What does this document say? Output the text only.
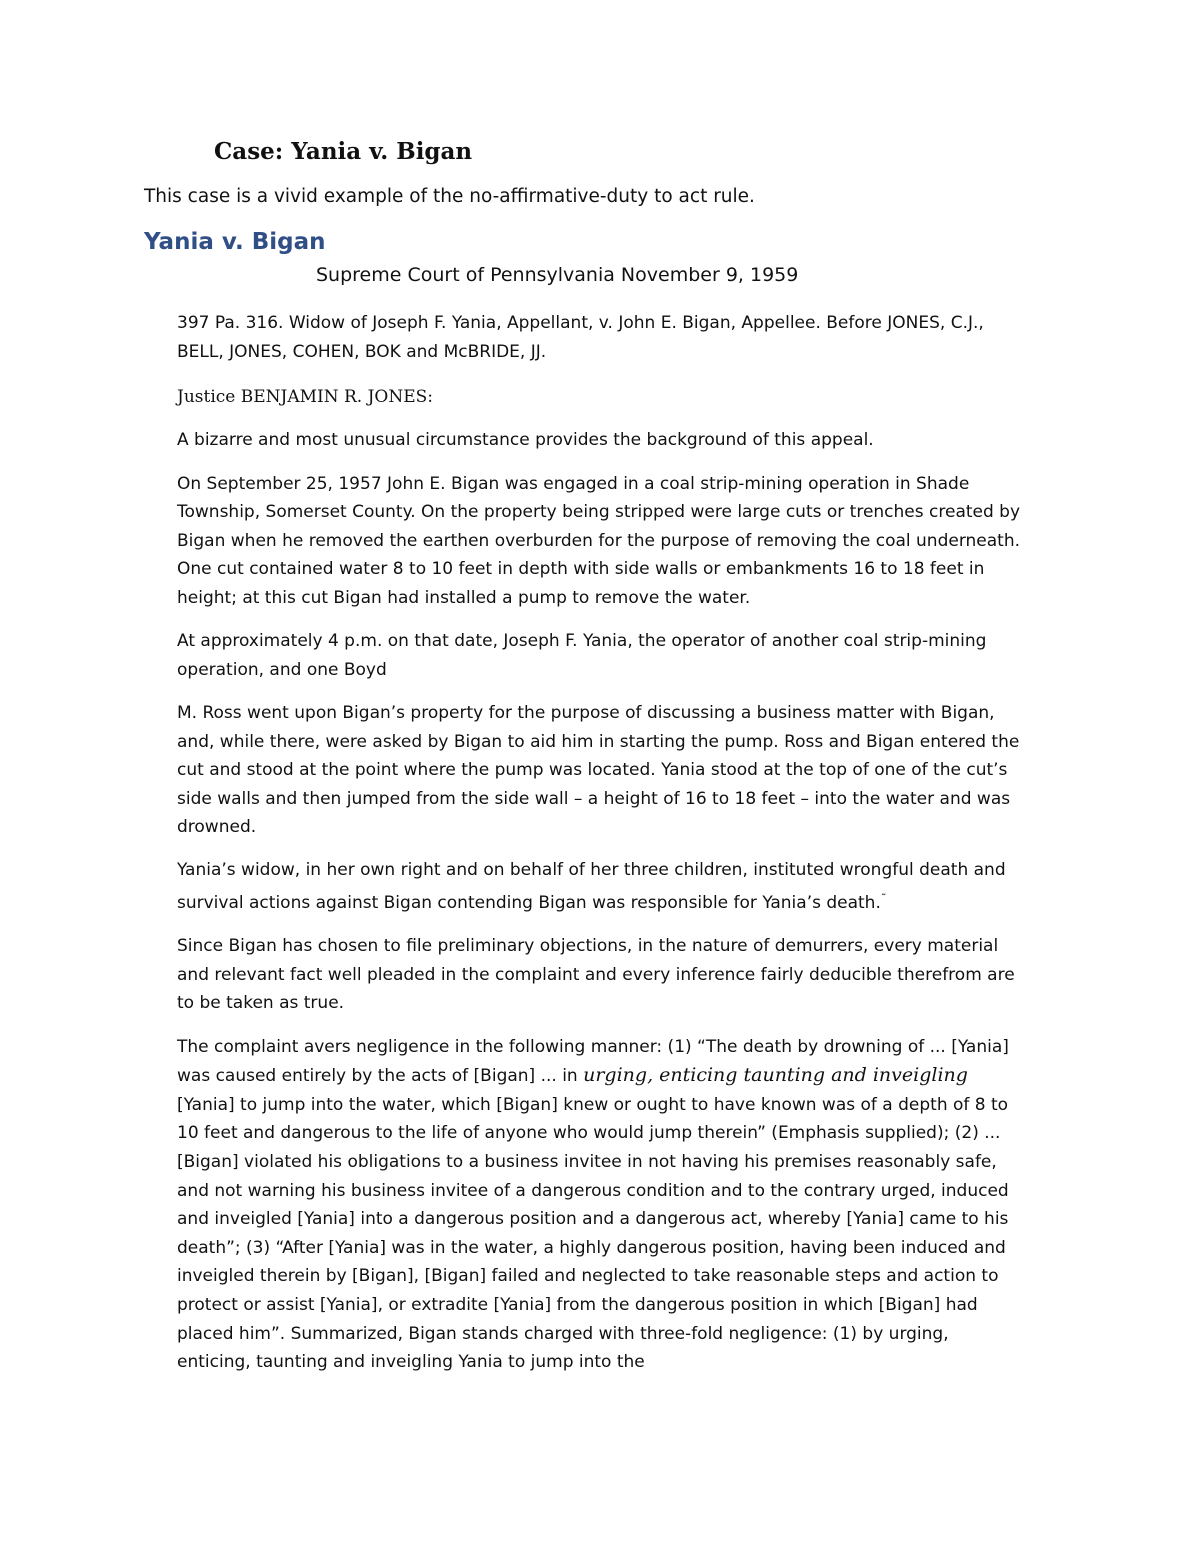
Case: Yania v. Bigan

This case is a vivid example of the no-affirmative-duty to act rule.

Yania v. Bigan

Supreme Court of Pennsylvania November 9, 1959

397 Pa. 316. Widow of Joseph F. Yania, Appellant, v. John E. Bigan, Appellee. Before JONES, C.J., BELL, JONES, COHEN, BOK and McBRIDE, JJ.

Justice BENJAMIN R. JONES:

A bizarre and most unusual circumstance provides the background of this appeal.

On September 25, 1957 John E. Bigan was engaged in a coal strip-mining operation in Shade Township, Somerset County. On the property being stripped were large cuts or trenches created by Bigan when he removed the earthen overburden for the purpose of removing the coal underneath. One cut contained water 8 to 10 feet in depth with side walls or embankments 16 to 18 feet in height; at this cut Bigan had installed a pump to remove the water.

At approximately 4 p.m. on that date, Joseph F. Yania, the operator of another coal strip-mining operation, and one Boyd

M. Ross went upon Bigan’s property for the purpose of discussing a business matter with Bigan, and, while there, were asked by Bigan to aid him in starting the pump. Ross and Bigan entered the cut and stood at the point where the pump was located. Yania stood at the top of one of the cut’s side walls and then jumped from the side wall – a height of 16 to 18 feet – into the water and was drowned.

Yania’s widow, in her own right and on behalf of her three children, instituted wrongful death and survival actions against Bigan contending Bigan was responsible for Yania’s death.˜

Since Bigan has chosen to file preliminary objections, in the nature of demurrers, every material and relevant fact well pleaded in the complaint and every inference fairly deducible therefrom are to be taken as true.

The complaint avers negligence in the following manner: (1) “The death by drowning of ... [Yania] was caused entirely by the acts of [Bigan] ... in urging, enticing taunting and inveigling [Yania] to jump into the water, which [Bigan] knew or ought to have known was of a depth of 8 to 10 feet and dangerous to the life of anyone who would jump therein” (Emphasis supplied); (2) ... [Bigan] violated his obligations to a business invitee in not having his premises reasonably safe, and not warning his business invitee of a dangerous condition and to the contrary urged, induced and inveigled [Yania] into a dangerous position and a dangerous act, whereby [Yania] came to his death”; (3) “After [Yania] was in the water, a highly dangerous position, having been induced and inveigled therein by [Bigan], [Bigan] failed and neglected to take reasonable steps and action to protect or assist [Yania], or extradite [Yania] from the dangerous position in which [Bigan] had placed him”. Summarized, Bigan stands charged with three-fold negligence: (1) by urging, enticing, taunting and inveigling Yania to jump into the
